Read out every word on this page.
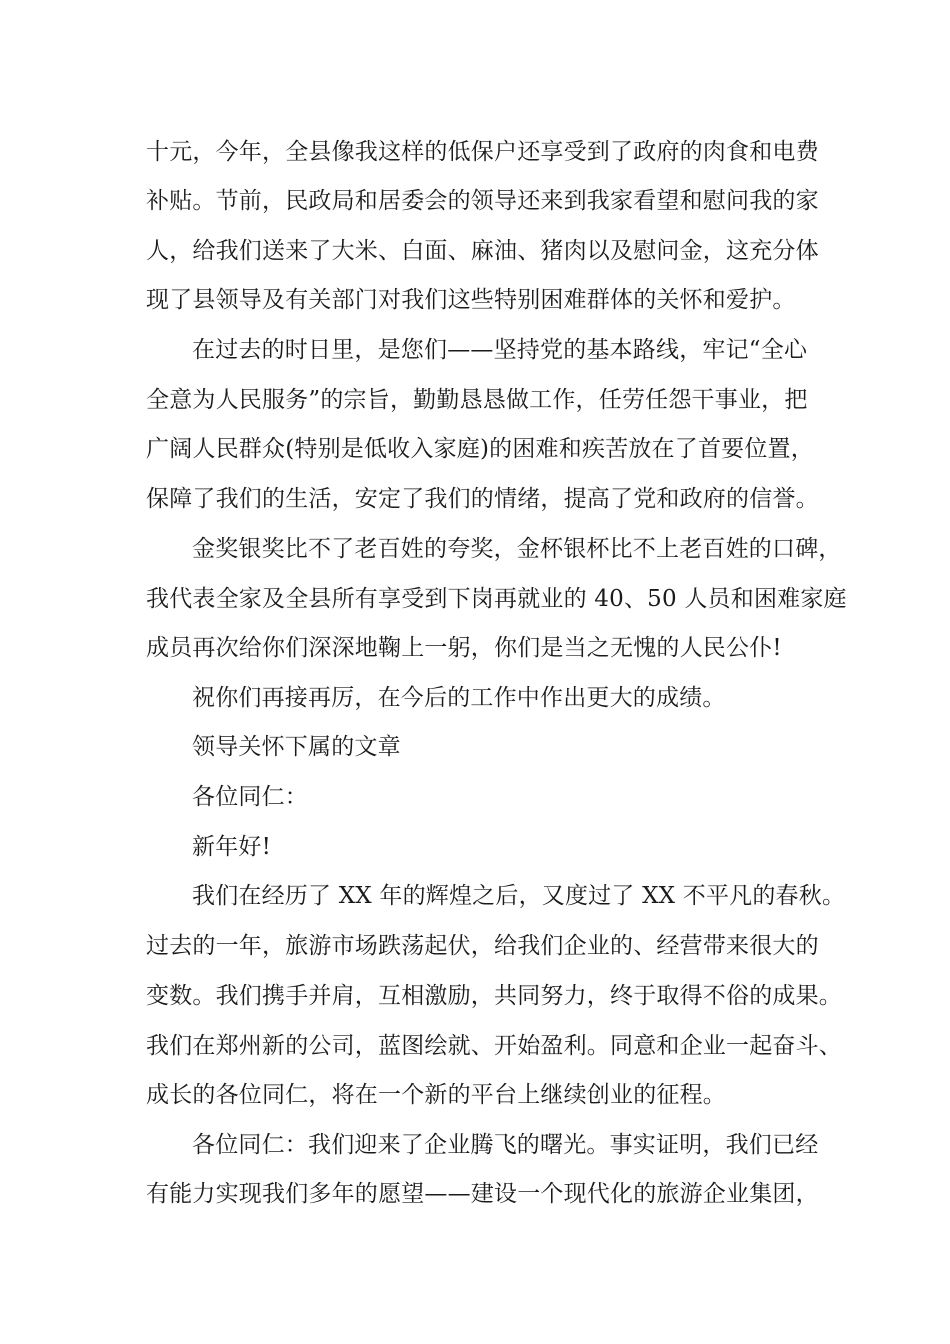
十元，今年，全县像我这样的低保户还享受到了政府的肉食和电费
补贴。节前，民政局和居委会的领导还来到我家看望和慰问我的家
人，给我们送来了大米、白面、麻油、猪肉以及慰问金，这充分体
现了县领导及有关部门对我们这些特别困难群体的关怀和爱护。
在过去的时日里，是您们——坚持党的基本路线，牢记“全心
全意为人民服务”的宗旨，勤勤恳恳做工作，任劳任怨干事业，把
广阔人民群众(特别是低收入家庭)的困难和疾苦放在了首要位置，
保障了我们的生活，安定了我们的情绪，提高了党和政府的信誉。
金奖银奖比不了老百姓的夸奖，金杯银杯比不上老百姓的口碑，
我代表全家及全县所有享受到下岗再就业的 40、50 人员和困难家庭
成员再次给你们深深地鞠上一躬，你们是当之无愧的人民公仆!
祝你们再接再厉，在今后的工作中作出更大的成绩。
领导关怀下属的文章
各位同仁：
新年好!
我们在经历了 XX 年的辉煌之后，又度过了 XX 不平凡的春秋。
过去的一年，旅游市场跌荡起伏，给我们企业的、经营带来很大的
变数。我们携手并肩，互相激励，共同努力，终于取得不俗的成果。
我们在郑州新的公司，蓝图绘就、开始盈利。同意和企业一起奋斗、
成长的各位同仁，将在一个新的平台上继续创业的征程。
各位同仁：我们迎来了企业腾飞的曙光。事实证明，我们已经
有能力实现我们多年的愿望——建设一个现代化的旅游企业集团，
